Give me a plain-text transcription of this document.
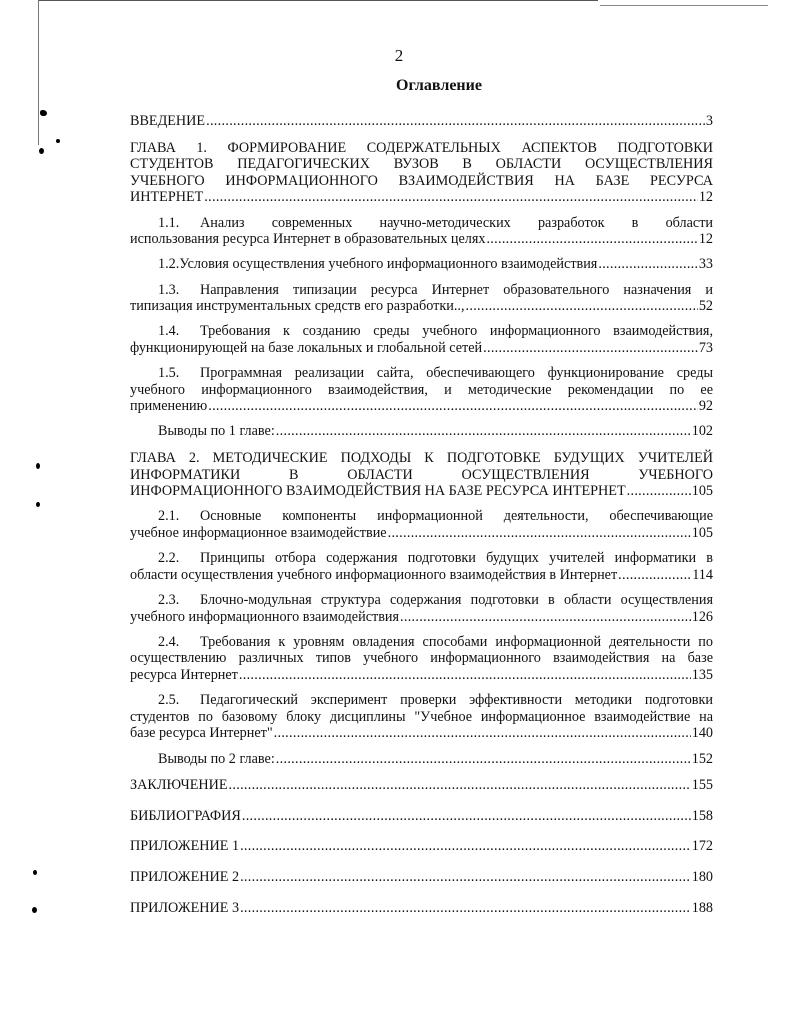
2
Оглавление
ВВЕДЕНИЕ .....	3
ГЛАВА 1. ФОРМИРОВАНИЕ СОДЕРЖАТЕЛЬНЫХ АСПЕКТОВ ПОДГОТОВКИ
СТУДЕНТОВ ПЕДАГОГИЧЕСКИХ ВУЗОВ В ОБЛАСТИ ОСУЩЕСТВЛЕНИЯ
УЧЕБНОГО ИНФОРМАЦИОННОГО ВЗАИМОДЕЙСТВИЯ НА БАЗЕ РЕСУРСА
ИНТЕРНЕТ .....	12
1.1. Анализ современных научно-методических разработок в области
использования ресурса Интернет в образовательных целях .....	12
1.2. Условия осуществления учебного информационного взаимодействия .....	33
1.3. Направления типизации ресурса Интернет образовательного назначения и
типизация инструментальных средств его разработки.., .....	52
1.4. Требования к созданию среды учебного информационного взаимодействия,
функционирующей на базе локальных и глобальной сетей .....	73
1.5. Программная реализации сайта, обеспечивающего функционирование среды
учебного информационного взаимодействия, и методические рекомендации по ее
применению .....	92
Выводы по 1 главе: .....	102
ГЛАВА 2. МЕТОДИЧЕСКИЕ ПОДХОДЫ К ПОДГОТОВКЕ БУДУЩИХ УЧИТЕЛЕЙ
ИНФОРМАТИКИ В ОБЛАСТИ ОСУЩЕСТВЛЕНИЯ УЧЕБНОГО
ИНФОРМАЦИОННОГО ВЗАИМОДЕЙСТВИЯ НА БАЗЕ РЕСУРСА ИНТЕРНЕТ .....	105
2.1. Основные компоненты информационной деятельности, обеспечивающие
учебное информационное взаимодействие .....	105
2.2. Принципы отбора содержания подготовки будущих учителей информатики в
области осуществления учебного информационного взаимодействия в Интернет .....	114
2.3. Блочно-модульная структура содержания подготовки в области осуществления
учебного информационного взаимодействия .....	126
2.4. Требования к уровням овладения способами информационной деятельности по
осуществлению различных типов учебного информационного взаимодействия на базе
ресурса Интернет .....	135
2.5. Педагогический эксперимент проверки эффективности методики подготовки
студентов по базовому блоку дисциплины "Учебное информационное взаимодействие на
базе ресурса Интернет" .....	140
Выводы по 2 главе: .....	152
ЗАКЛЮЧЕНИЕ .....	155
БИБЛИОГРАФИЯ .....	158
ПРИЛОЖЕНИЕ 1 .....	172
ПРИЛОЖЕНИЕ 2 .....	180
ПРИЛОЖЕНИЕ 3 .....	188
